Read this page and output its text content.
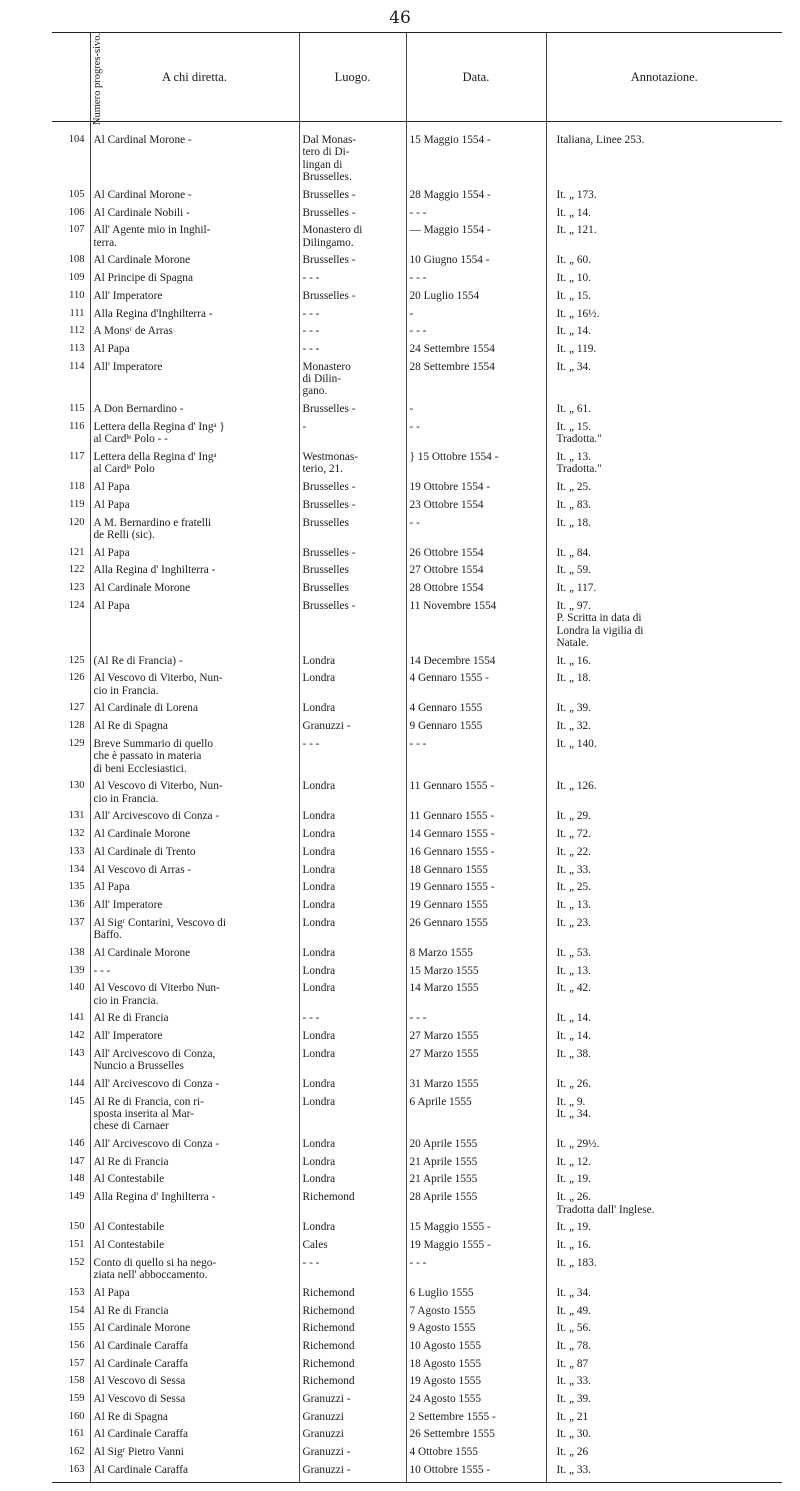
46
Numero progres-sivo.	A chi diretta.	Luogo.	Data.	Annotazione.
104	Al Cardinal Morone -	Dal Monas-
tero di Di-
lingan di
Brusselles.	15 Maggio 1554 -	Italiana, Linee 253.
105	Al Cardinal Morone -	Brusselles -	28 Maggio 1554 -	It. „ 173.
106	Al Cardinale Nobili -	Brusselles -	- - -	It. „ 14.
107	All' Agente mio in Inghil-
terra.	Monastero di
Dilingamo.	— Maggio 1554 -	It. „ 121.
108	Al Cardinale Morone	Brusselles -	10 Giugno 1554 -	It. „ 60.
109	Al Principe di Spagna	- - -	- - -	It. „ 10.
110	All' Imperatore	Brusselles -	20 Luglio 1554	It. „ 15.
111	Alla Regina d'Inghilterra -	- - -	-	It. „ 16½.
112	A Monsʳ de Arras	- - -	- - -	It. „ 14.
113	Al Papa	- - -	24 Settembre 1554	It. „ 119.
114	All' Imperatore	Monastero
di Dilin-
gano.	28 Settembre 1554	It. „ 34.
115	A Don Bernardino -	Brusselles -	-	It. „ 61.
116	Lettera della Regina d' Ingᵃ }
al Cardˡᵉ Polo - -	-	- -	It. „ 15.
Tradotta."
117	Lettera della Regina d' Ingᵃ
al Cardˡᵉ Polo	Westmonas-
terio, 21.	} 15 Ottobre 1554 -	It. „ 13.
Tradotta."
118	Al Papa	Brusselles -	19 Ottobre 1554 -	It. „ 25.
119	Al Papa	Brusselles -	23 Ottobre 1554	It. „ 83.
120	A M. Bernardino e fratelli
de Relli (sic).	Brusselles	- -	It. „ 18.
121	Al Papa	Brusselles -	26 Ottobre 1554	It. „ 84.
122	Alla Regina d' Inghilterra -	Brusselles	27 Ottobre 1554	It. „ 59.
123	Al Cardinale Morone	Brusselles	28 Ottobre 1554	It. „ 117.
124	Al Papa	Brusselles -	11 Novembre 1554	It. „ 97.
P. Scritta in data di
Londra la vigilia di
Natale.
125	(Al Re di Francia) -	Londra	14 Decembre 1554	It. „ 16.
126	Al Vescovo di Viterbo, Nun-
cio in Francia.	Londra	4 Gennaro 1555 -	It. „ 18.
127	Al Cardinale di Lorena	Londra	4 Gennaro 1555	It. „ 39.
128	Al Re di Spagna	Granuzzi -	9 Gennaro 1555	It. „ 32.
129	Breve Summario di quello
che è passato in materia
di beni Ecclesiastici.	- - -	- - -	It. „ 140.
130	Al Vescovo di Viterbo, Nun-
cio in Francia.	Londra	11 Gennaro 1555 -	It. „ 126.
131	All' Arcivescovo di Conza -	Londra	11 Gennaro 1555 -	It. „ 29.
132	Al Cardinale Morone	Londra	14 Gennaro 1555 -	It. „ 72.
133	Al Cardinale di Trento	Londra	16 Gennaro 1555 -	It. „ 22.
134	Al Vescovo di Arras -	Londra	18 Gennaro 1555	It. „ 33.
135	Al Papa	Londra	19 Gennaro 1555 -	It. „ 25.
136	All' Imperatore	Londra	19 Gennaro 1555	It. „ 13.
137	Al Sigʳ Contarini, Vescovo di
Baffo.	Londra	26 Gennaro 1555	It. „ 23.
138	Al Cardinale Morone	Londra	8 Marzo 1555	It. „ 53.
139	- - -	Londra	15 Marzo 1555	It. „ 13.
140	Al Vescovo di Viterbo Nun-
cio in Francia.	Londra	14 Marzo 1555	It. „ 42.
141	Al Re di Francia	- - -	- - -	It. „ 14.
142	All' Imperatore	Londra	27 Marzo 1555	It. „ 14.
143	All' Arcivescovo di Conza,
Nuncio a Brusselles	Londra	27 Marzo 1555	It. „ 38.
144	All' Arcivescovo di Conza -	Londra	31 Marzo 1555	It. „ 26.
145	Al Re di Francia, con ri-
sposta inserita al Mar-
chese di Carnaer	Londra	6 Aprile 1555	It. „ 9.
It. „ 34.
146	All' Arcivescovo di Conza -	Londra	20 Aprile 1555	It. „ 29½.
147	Al Re di Francia	Londra	21 Aprile 1555	It. „ 12.
148	Al Contestabile	Londra	21 Aprile 1555	It. „ 19.
149	Alla Regina d' Inghilterra -	Richemond	28 Aprile 1555	It. „ 26.
Tradotta dall' Inglese.
150	Al Contestabile	Londra	15 Maggio 1555 -	It. „ 19.
151	Al Contestabile	Cales	19 Maggio 1555 -	It. „ 16.
152	Conto di quello si ha nego-
ziata nell' abboccamento.	- - -	- - -	It. „ 183.
153	Al Papa	Richemond	6 Luglio 1555	It. „ 34.
154	Al Re di Francia	Richemond	7 Agosto 1555	It. „ 49.
155	Al Cardinale Morone	Richemond	9 Agosto 1555	It. „ 56.
156	Al Cardinale Caraffa	Richemond	10 Agosto 1555	It. „ 78.
157	Al Cardinale Caraffa	Richemond	18 Agosto 1555	It. „ 87
158	Al Vescovo di Sessa	Richemond	19 Agosto 1555	It. „ 33.
159	Al Vescovo di Sessa	Granuzzi -	24 Agosto 1555	It. „ 39.
160	Al Re di Spagna	Granuzzi	2 Settembre 1555 -	It. „ 21
161	Al Cardinale Caraffa	Granuzzi	26 Settembre 1555	It. „ 30.
162	Al Sigʳ Pietro Vanni	Granuzzi -	4 Ottobre 1555	It. „ 26
163	Al Cardinale Caraffa	Granuzzi -	10 Ottobre 1555 -	It. „ 33.
